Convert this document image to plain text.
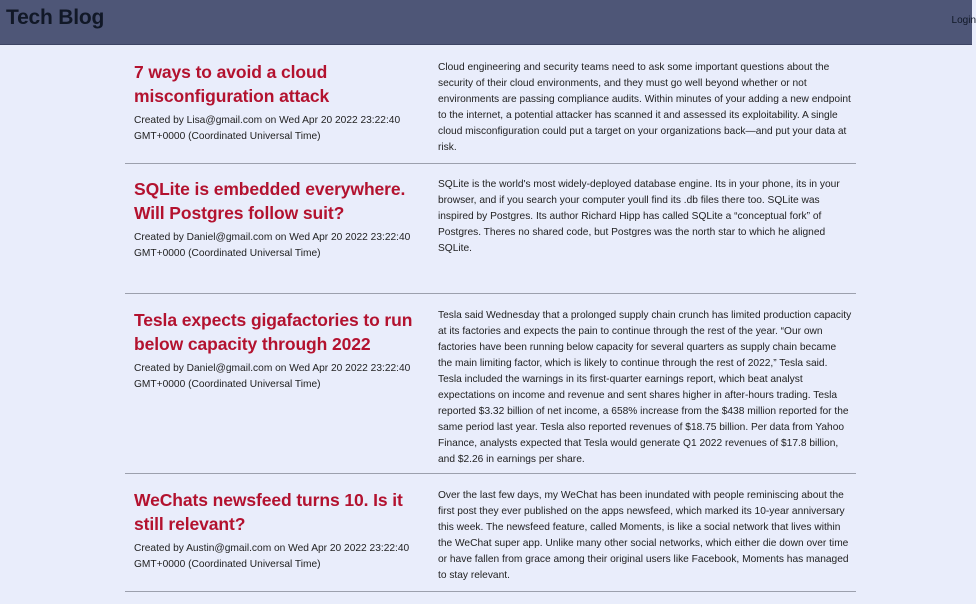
Tech Blog	Login
7 ways to avoid a cloud misconfiguration attack

Created by Lisa@gmail.com on Wed Apr 20 2022 23:22:40 GMT+0000 (Coordinated Universal Time)

Cloud engineering and security teams need to ask some important questions about the security of their cloud environments, and they must go well beyond whether or not environments are passing compliance audits. Within minutes of your adding a new endpoint to the internet, a potential attacker has scanned it and assessed its exploitability. A single cloud misconfiguration could put a target on your organizations back—and put your data at risk.

SQLite is embedded everywhere. Will Postgres follow suit?

Created by Daniel@gmail.com on Wed Apr 20 2022 23:22:40 GMT+0000 (Coordinated Universal Time)

SQLite is the world's most widely-deployed database engine. Its in your phone, its in your browser, and if you search your computer youll find its .db files there too. SQLite was inspired by Postgres. Its author Richard Hipp has called SQLite a “conceptual fork” of Postgres. Theres no shared code, but Postgres was the north star to which he aligned SQLite.

Tesla expects gigafactories to run below capacity through 2022

Created by Daniel@gmail.com on Wed Apr 20 2022 23:22:40 GMT+0000 (Coordinated Universal Time)

Tesla said Wednesday that a prolonged supply chain crunch has limited production capacity at its factories and expects the pain to continue through the rest of the year. “Our own factories have been running below capacity for several quarters as supply chain became the main limiting factor, which is likely to continue through the rest of 2022,” Tesla said. Tesla included the warnings in its first-quarter earnings report, which beat analyst expectations on income and revenue and sent shares higher in after-hours trading. Tesla reported $3.32 billion of net income, a 658% increase from the $438 million reported for the same period last year. Tesla also reported revenues of $18.75 billion. Per data from Yahoo Finance, analysts expected that Tesla would generate Q1 2022 revenues of $17.8 billion, and $2.26 in earnings per share.

WeChats newsfeed turns 10. Is it still relevant?

Created by Austin@gmail.com on Wed Apr 20 2022 23:22:40 GMT+0000 (Coordinated Universal Time)

Over the last few days, my WeChat has been inundated with people reminiscing about the first post they ever published on the apps newsfeed, which marked its 10-year anniversary this week. The newsfeed feature, called Moments, is like a social network that lives within the WeChat super app. Unlike many other social networks, which either die down over time or have fallen from grace among their original users like Facebook, Moments has managed to stay relevant.
